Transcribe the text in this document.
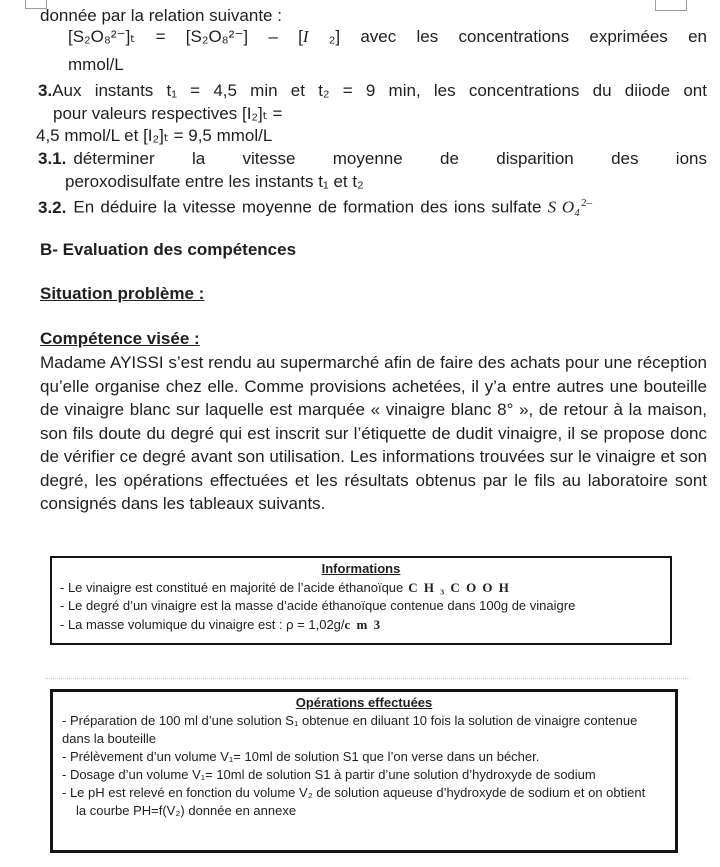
donnée par la relation suivante :
[S₂O₈²⁻]ₜ = [S₂O₈²⁻] – [I ₂] avec les concentrations exprimées en
mmol/L
3.Aux instants t₁ = 4,5 min et t₂ = 9 min, les concentrations du diiode ont
pour valeurs respectives [I₂]ₜ =
4,5 mmol/L et [I₂]ₜ = 9,5 mmol/L
3.1. déterminer la vitesse moyenne de disparition des ions
peroxodisulfate entre les instants t₁ et t₂
3.2. En déduire la vitesse moyenne de formation des ions sulfate S O₄$^{2-}$
B- Evaluation des compétences
Situation problème :
Compétence visée :
Madame AYISSI s’est rendu au supermarché afin de faire des achats pour une réception qu’elle organise chez elle. Comme provisions achetées, il y’a entre autres une bouteille de vinaigre blanc sur laquelle est marquée « vinaigre blanc 8° », de retour à la maison, son fils doute du degré qui est inscrit sur l’étiquette de dudit vinaigre, il se propose donc de vérifier ce degré avant son utilisation. Les informations trouvées sur le vinaigre et son degré, les opérations effectuées et les résultats obtenus par le fils au laboratoire sont consignés dans les tableaux suivants.
Informations
- Le vinaigre est constitué en majorité de l’acide éthanoïque C H ₃ C O O H
- Le degré d’un vinaigre est la masse d’acide éthanoïque contenue dans 100g de vinaigre
- La masse volumique du vinaigre est : ρ = 1,02g/c m 3
Opérations effectuées
- Préparation de 100 ml d’une solution S₁ obtenue en diluant 10 fois la solution de vinaigre contenue dans la bouteille
- Prélèvement d’un volume V₁= 10ml de solution S1 que l’on verse dans un bécher.
- Dosage d’un volume V₁= 10ml de solution S1 à partir d’une solution d’hydroxyde de sodium
- Le pH est relevé en fonction du volume V₂ de solution aqueuse d’hydroxyde de sodium et on obtient
la courbe PH=f(V₂) donnée en annexe
